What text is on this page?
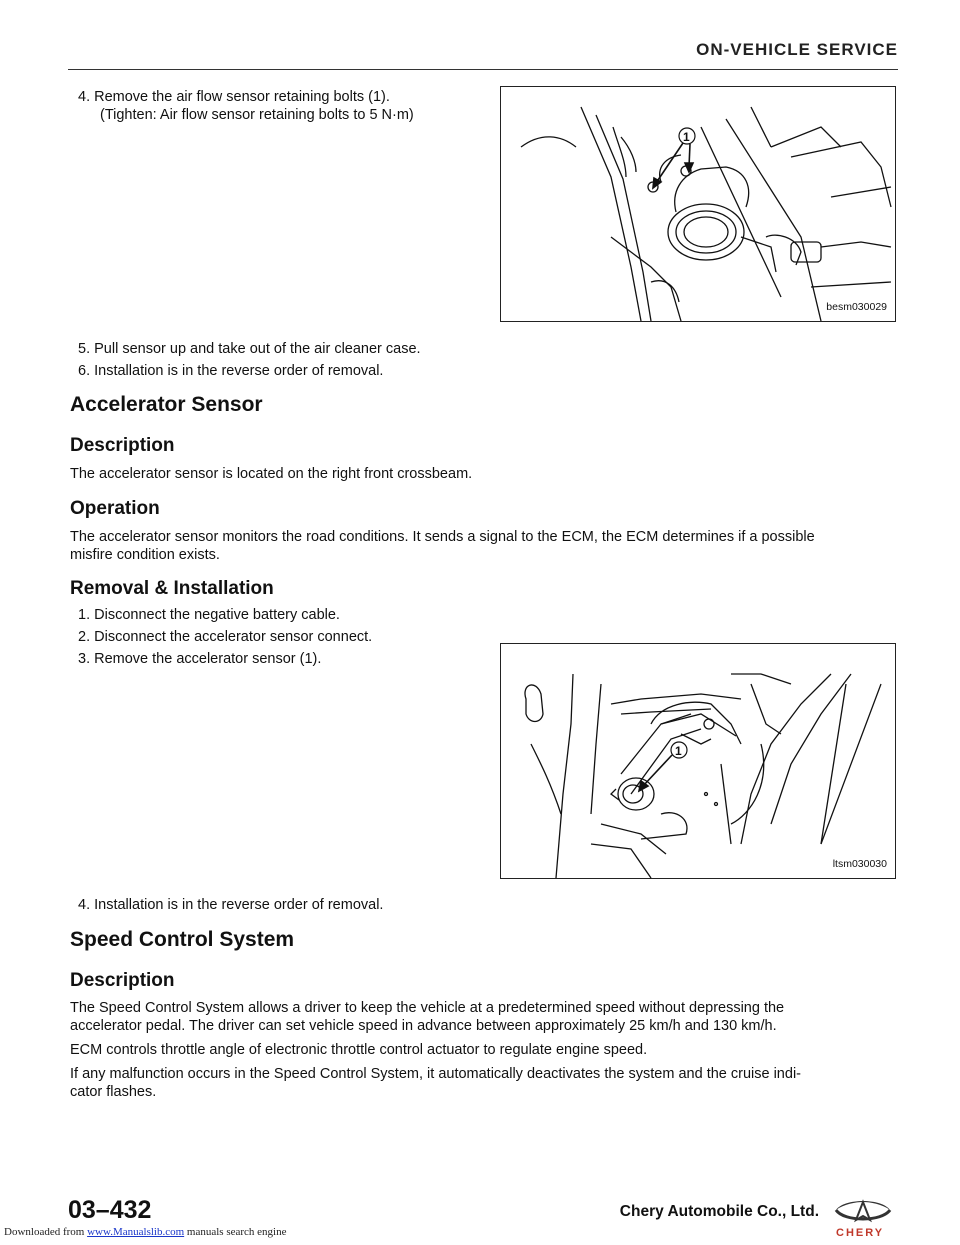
ON-VEHICLE SERVICE
4. Remove the air flow sensor retaining bolts (1).
(Tighten: Air flow sensor retaining bolts to 5 N·m)
1
besm030029
5. Pull sensor up and take out of the air cleaner case.
6. Installation is in the reverse order of removal.
Accelerator Sensor
Description
The accelerator sensor is located on the right front crossbeam.
Operation
The accelerator sensor monitors the road conditions. It sends a signal to the ECM, the ECM determines if a possible
misfire condition exists.
Removal & Installation
1. Disconnect the negative battery cable.
2. Disconnect the accelerator sensor connect.
3. Remove the accelerator sensor (1).
1
ltsm030030
4. Installation is in the reverse order of removal.
Speed Control System
Description
The Speed Control System allows a driver to keep the vehicle at a predetermined speed without depressing the
accelerator pedal. The driver can set vehicle speed in advance between approximately 25 km/h and 130 km/h.
ECM controls throttle angle of electronic throttle control actuator to regulate engine speed.
If any malfunction occurs in the Speed Control System, it automatically deactivates the system and the cruise indi-
cator flashes.
03–432	Chery Automobile Co., Ltd.
CHERY
Downloaded from www.Manualslib.com manuals search engine
